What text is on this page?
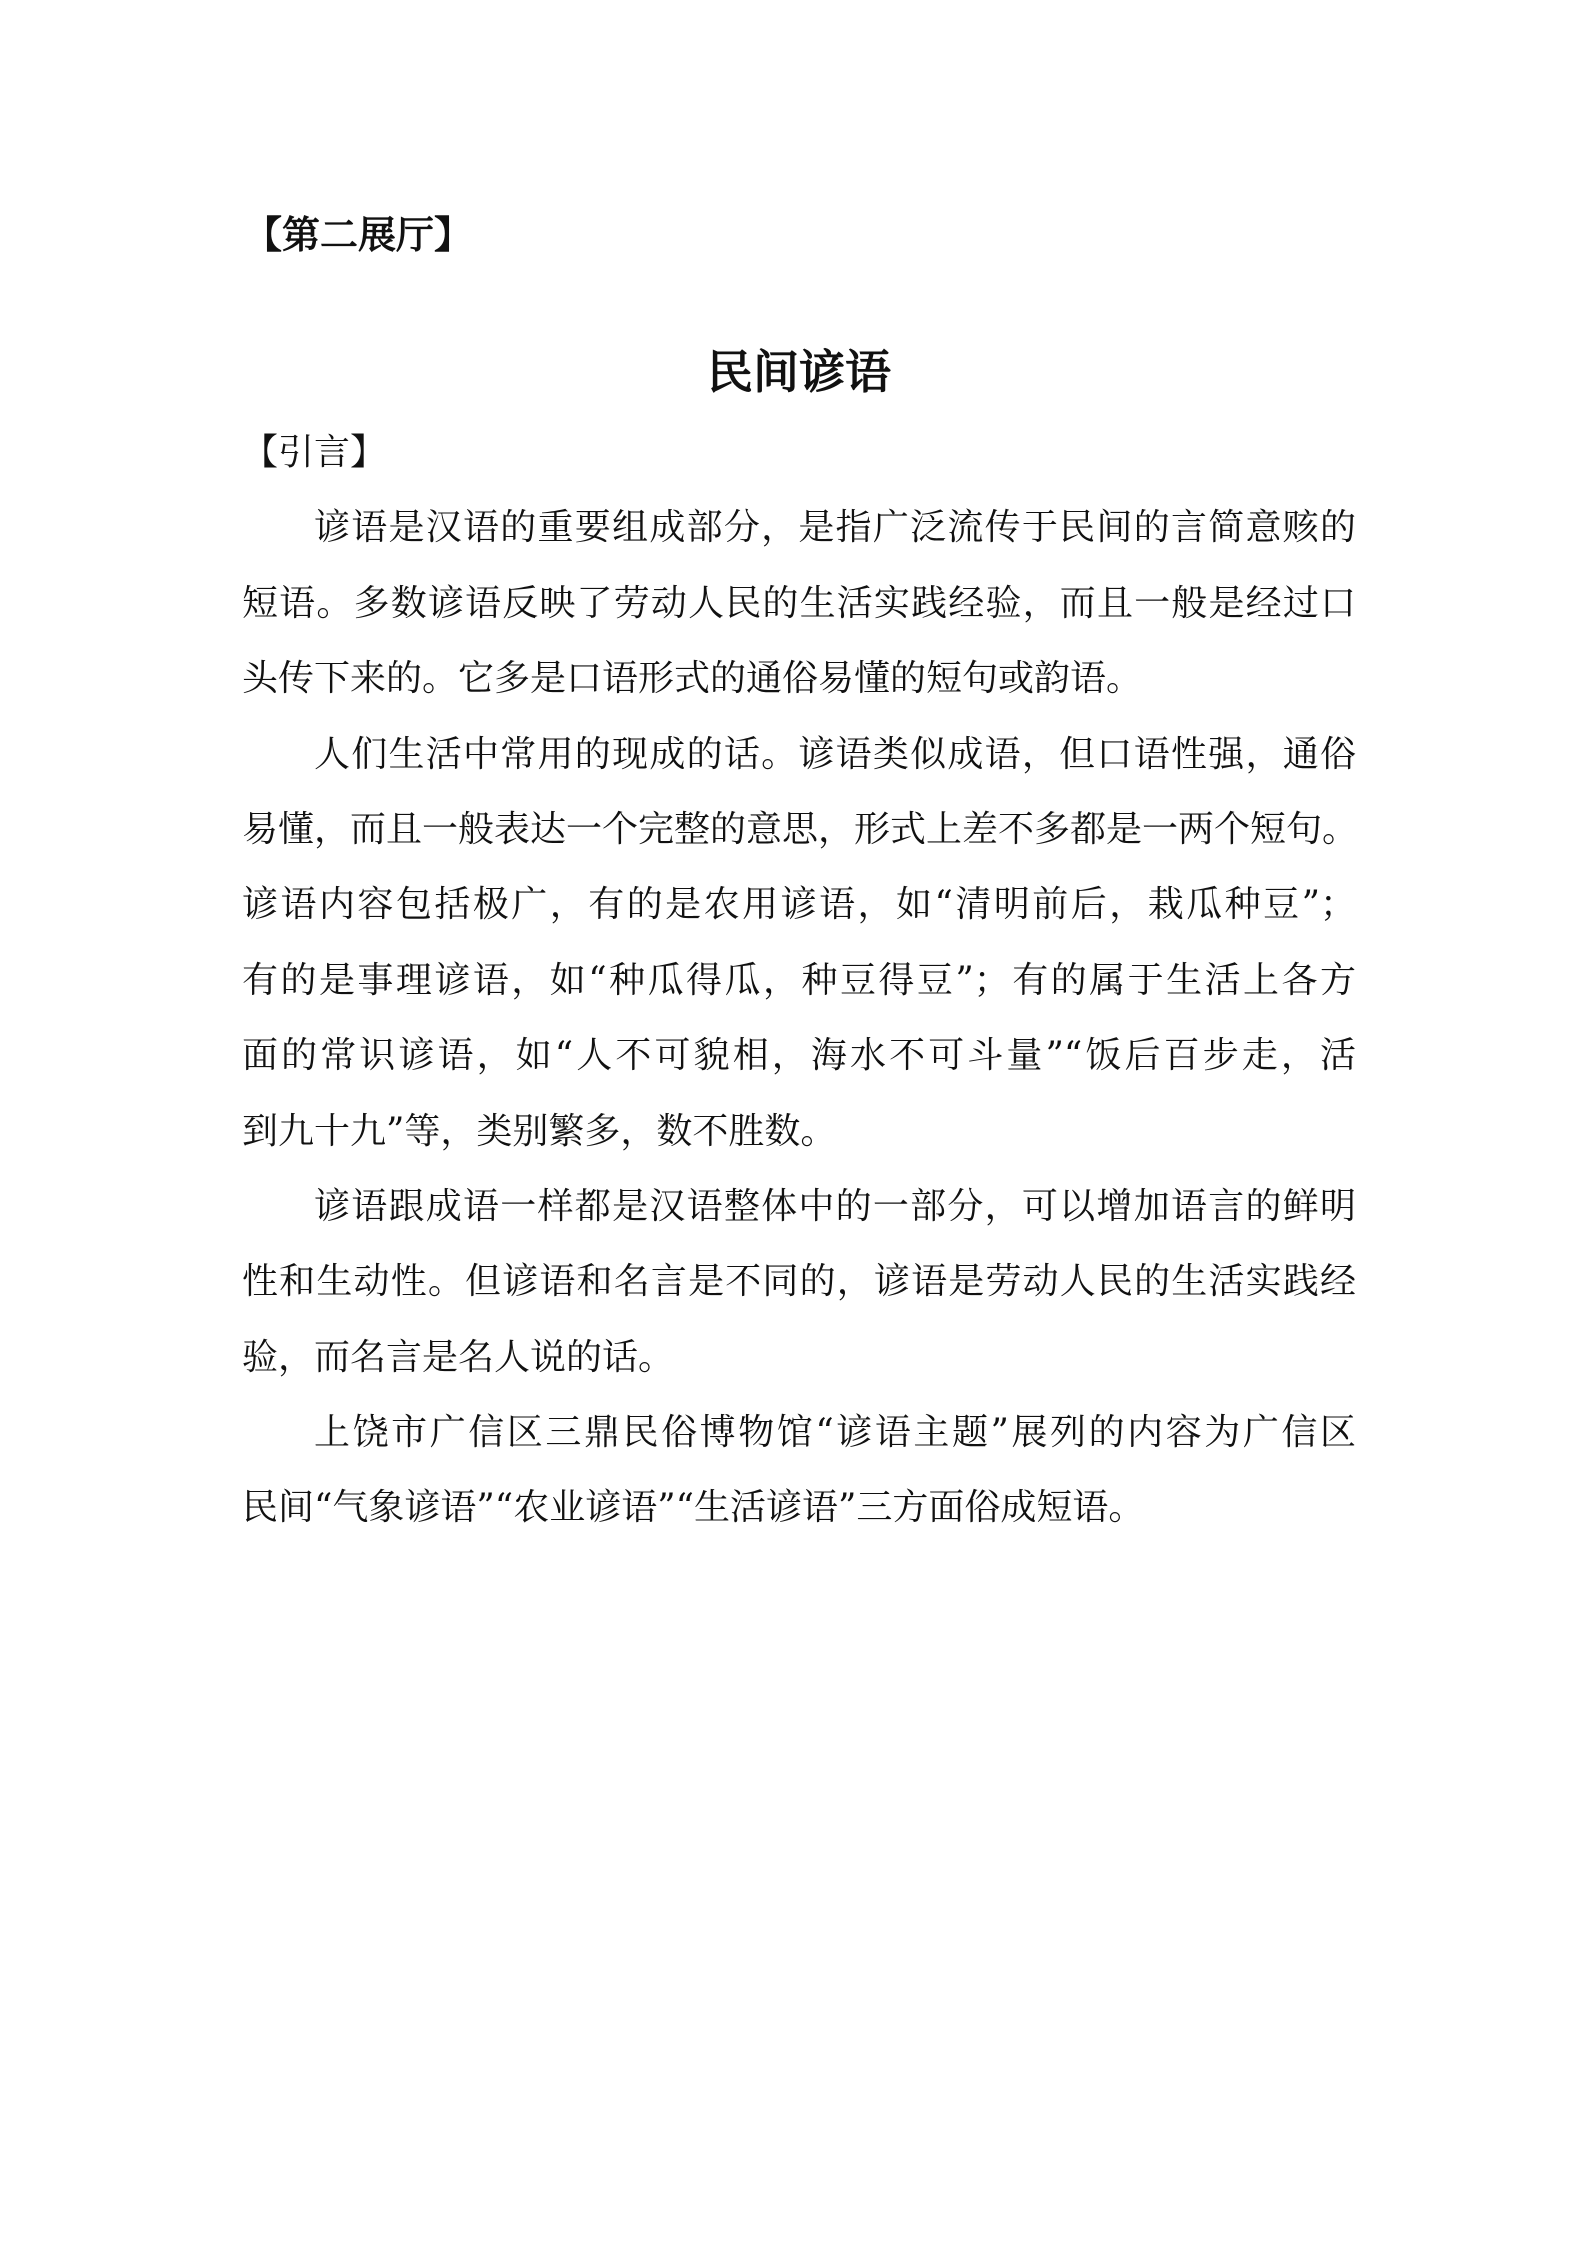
【第二展厅】
民间谚语
【引言】
谚语是汉语的重要组成部分，是指广泛流传于民间的言简意赅的
短语。多数谚语反映了劳动人民的生活实践经验，而且一般是经过口
头传下来的。它多是口语形式的通俗易懂的短句或韵语。
人们生活中常用的现成的话。谚语类似成语，但口语性强，通俗
易懂，而且一般表达一个完整的意思，形式上差不多都是一两个短句。
谚语内容包括极广，有的是农用谚语，如“清明前后，栽瓜种豆”；
有的是事理谚语，如“种瓜得瓜，种豆得豆”；有的属于生活上各方
面的常识谚语，如“人不可貌相，海水不可斗量”“饭后百步走，活
到九十九”等，类别繁多，数不胜数。
谚语跟成语一样都是汉语整体中的一部分，可以增加语言的鲜明
性和生动性。但谚语和名言是不同的，谚语是劳动人民的生活实践经
验，而名言是名人说的话。
上饶市广信区三鼎民俗博物馆“谚语主题”展列的内容为广信区
民间“气象谚语”“农业谚语”“生活谚语”三方面俗成短语。
